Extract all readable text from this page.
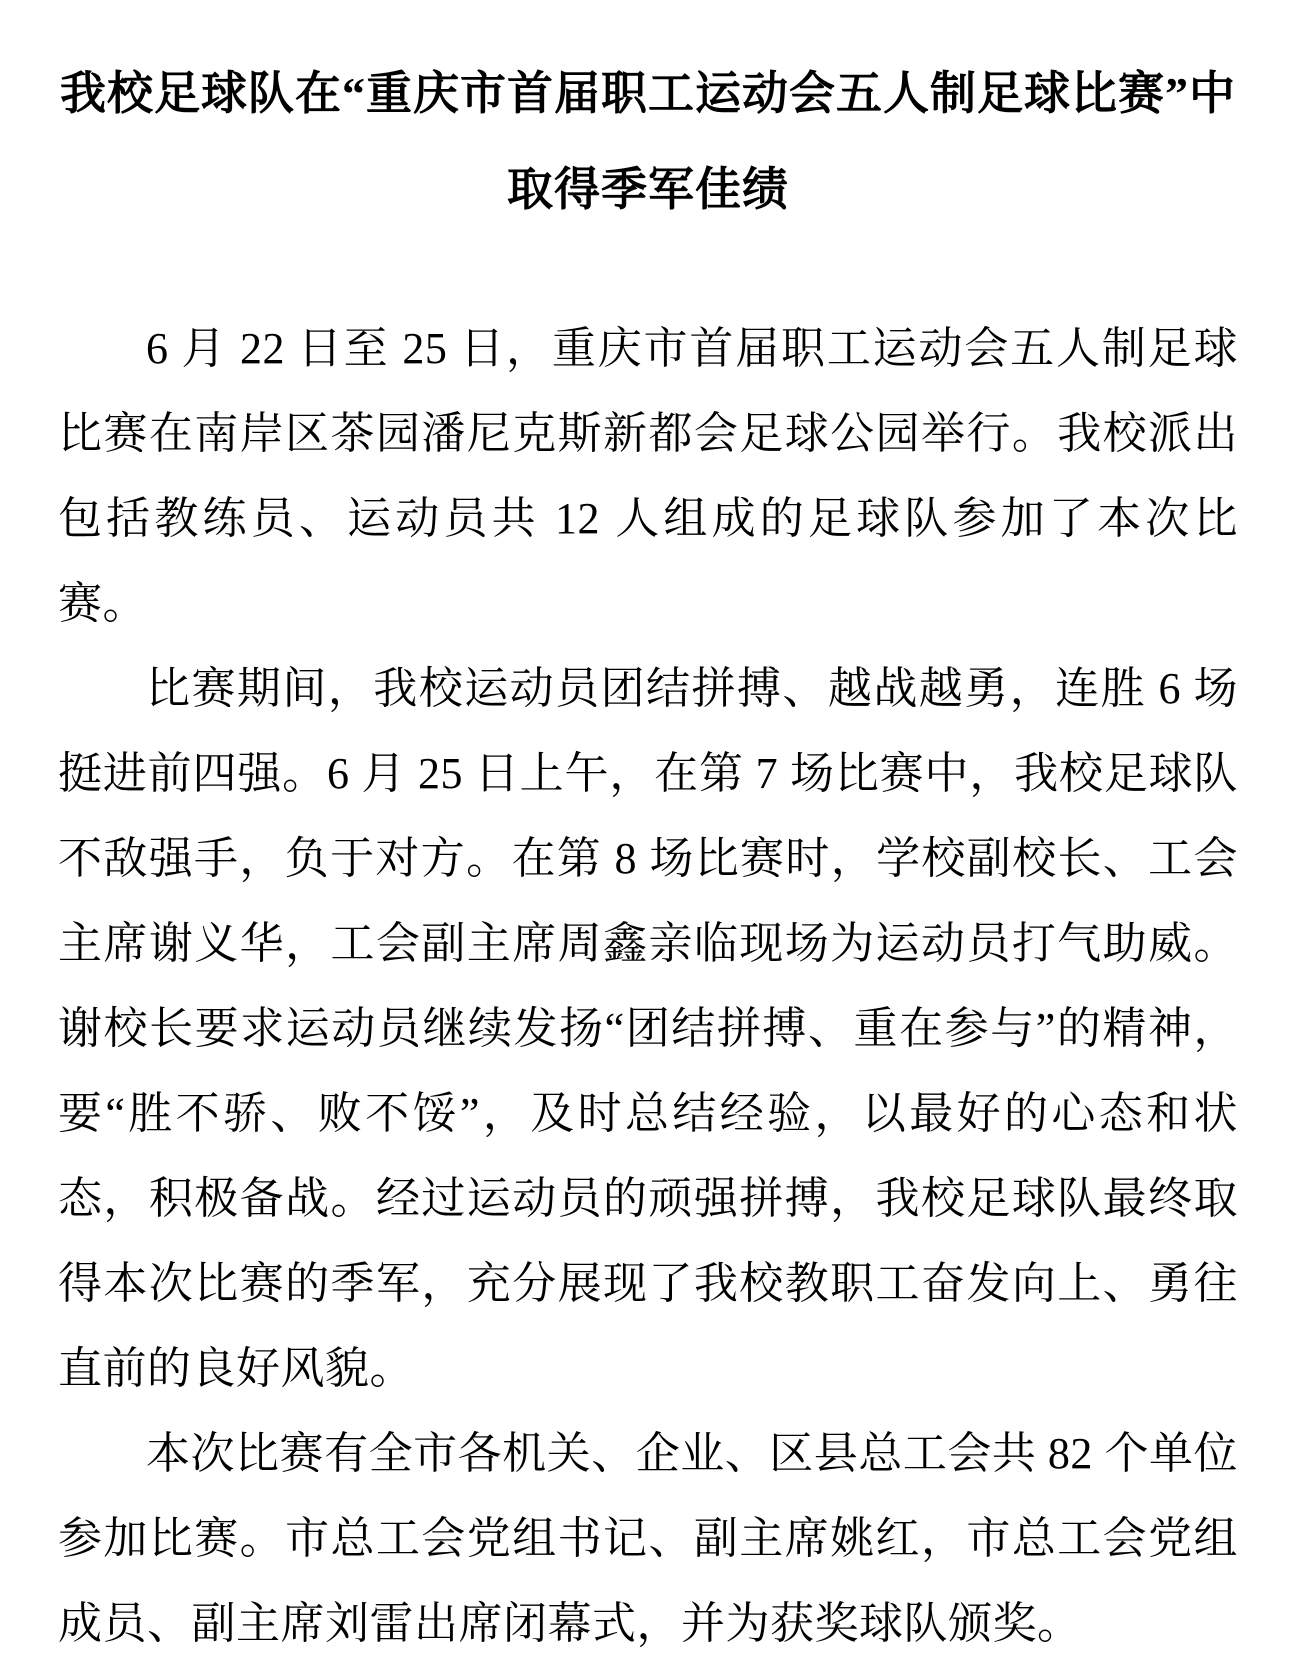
我校足球队在“重庆市首届职工运动会五人制足球比赛”中
取得季军佳绩

6 月 22 日至 25 日，重庆市首届职工运动会五人制足球比赛在南岸区茶园潘尼克斯新都会足球公园举行。我校派出包括教练员、运动员共 12 人组成的足球队参加了本次比赛。

比赛期间，我校运动员团结拼搏、越战越勇，连胜 6 场挺进前四强。6 月 25 日上午，在第 7 场比赛中，我校足球队不敌强手，负于对方。在第 8 场比赛时，学校副校长、工会主席谢义华，工会副主席周鑫亲临现场为运动员打气助威。谢校长要求运动员继续发扬“团结拼搏、重在参与”的精神，要“胜不骄、败不馁”，及时总结经验，以最好的心态和状态，积极备战。经过运动员的顽强拼搏，我校足球队最终取得本次比赛的季军，充分展现了我校教职工奋发向上、勇往直前的良好风貌。

本次比赛有全市各机关、企业、区县总工会共 82 个单位参加比赛。市总工会党组书记、副主席姚红，市总工会党组成员、副主席刘雷出席闭幕式，并为获奖球队颁奖。
